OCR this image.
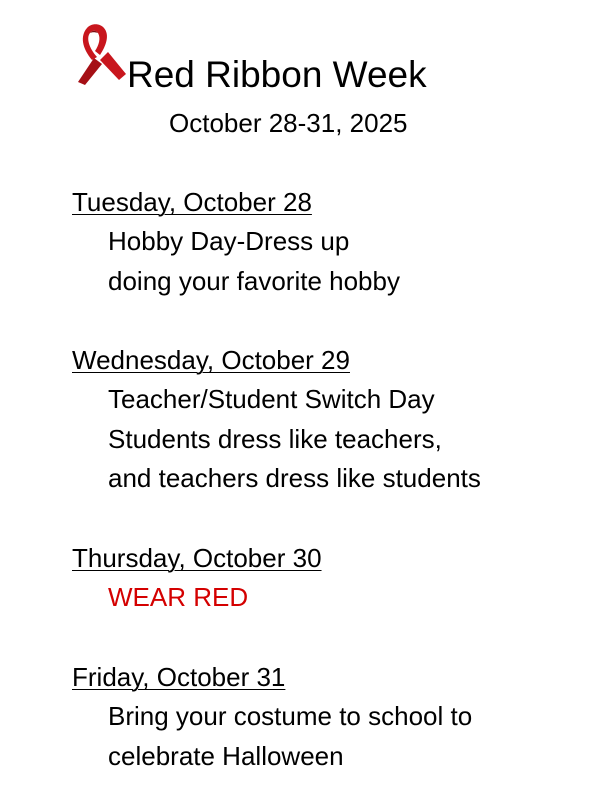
Red Ribbon Week
October 28-31, 2025
Tuesday, October 28
Hobby Day-Dress up
doing your favorite hobby
Wednesday, October 29
Teacher/Student Switch Day
Students dress like teachers,
and teachers dress like students
Thursday, October 30
WEAR RED
Friday, October 31
Bring your costume to school to
celebrate Halloween
